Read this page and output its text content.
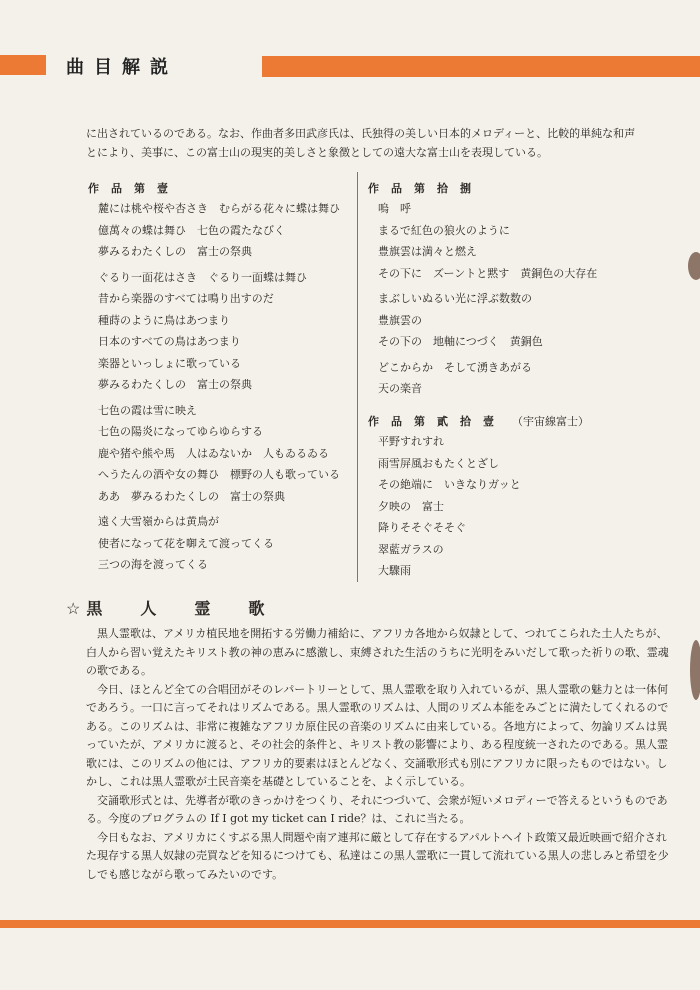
曲目解説

に出されているのである。なお、作曲者多田武彦氏は、氏独得の美しい日本的メロディーと、比較的単純な和声

とにより、美事に、この富士山の現実的美しさと象徴としての遠大な富士山を表現している。

作品第壹
麓には桃や桜や杏さき　むらがる花々に蝶は舞ひ
億萬々の蝶は舞ひ　七色の霞たなびく
夢みるわたくしの　富士の祭典
ぐるり一面花はさき　ぐるり一面蝶は舞ひ
昔から楽器のすべては鳴り出すのだ
種蒔のように鳥はあつまり
日本のすべての鳥はあつまり
楽器といっしょに歌っている
夢みるわたくしの　富士の祭典
七色の霞は雪に映え
七色の陽炎になってゆらゆらする
鹿や猪や熊や馬　人はゐないか　人もゐるゐる
へうたんの酒や女の舞ひ　標野の人も歌っている
ああ　夢みるわたくしの　富士の祭典
遠く大雪嶺からは黄鳥が
使者になって花を啣えて渡ってくる
三つの海を渡ってくる
作品第拾捌
嗚　呼
まるで紅色の狼火のように
豊旗雲は満々と燃え
その下に　ズーントと黙す　黄銅色の大存在
まぶしいぬるい光に浮ぶ数数の
豊旗雲の
その下の　地軸につづく　黄銅色
どこからか　そして湧きあがる
天の楽音
作品第貳拾壹 （宇宙線富士）
平野すれすれ
雨雪屏風おもたくとざし
その絶端に　いきなりガッと
夕映の　富士
降りそそぐそそぐ
翠藍ガラスの
大驟雨
☆ 黒人霊歌

黒人霊歌は、アメリカ植民地を開拓する労働力補給に、アフリカ各地から奴隷として、つれてこられた土人たちが、白人から習い覚えたキリスト教の神の恵みに感激し、束縛された生活のうちに光明をみいだして歌った祈りの歌、霊魂の歌である。

今日、ほとんど全ての合唱団がそのレパートリーとして、黒人霊歌を取り入れているが、黒人霊歌の魅力とは一体何であろう。一口に言ってそれはリズムである。黒人霊歌のリズムは、人間のリズム本能をみごとに満たしてくれるのである。このリズムは、非常に複雑なアフリカ原住民の音楽のリズムに由来している。各地方によって、勿論リズムは異っていたが、アメリカに渡ると、その社会的条件と、キリスト教の影響により、ある程度統一されたのである。黒人霊歌には、このリズムの他には、アフリカ的要素はほとんどなく、交誦歌形式も別にアフリカに限ったものではない。しかし、これは黒人霊歌が土民音楽を基礎としていることを、よく示している。

交誦歌形式とは、先導者が歌のきっかけをつくり、それにつづいて、会衆が短いメロディーで答えるというものである。今度のプログラムの If I got my ticket can I ride？は、これに当たる。

今日もなお、アメリカにくすぶる黒人問題や南ア連邦に厳として存在するアパルトヘイト政策又最近映画で紹介された現存する黒人奴隷の売買などを知るにつけても、私達はこの黒人霊歌に一貫して流れている黒人の悲しみと希望を少しでも感じながら歌ってみたいのです。
